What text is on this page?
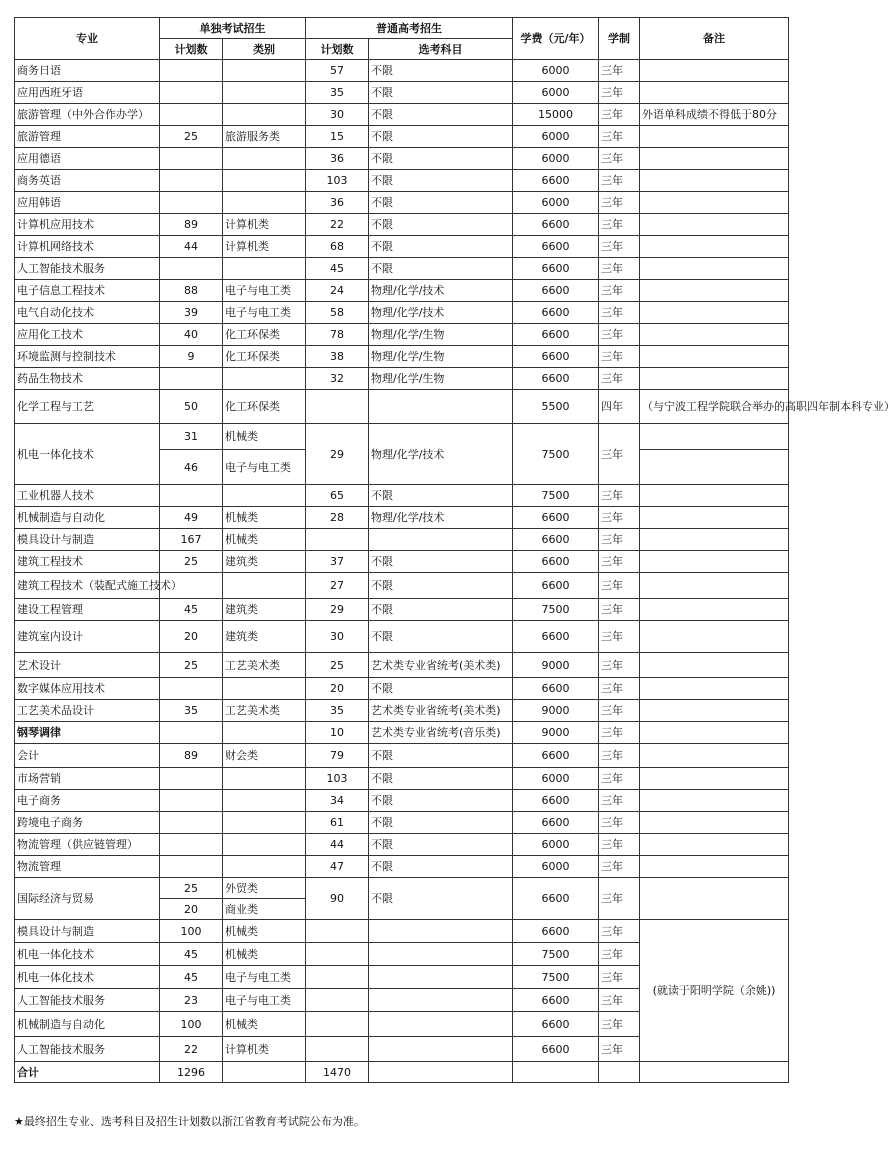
专业	单独考试招生		普通高考招生		学费（元/年）	学制	备注
	计划数	类别	计划数	选考科目			
商务日语			57	不限	6000	三年	
应用西班牙语			35	不限	6000	三年	
旅游管理（中外合作办学）			30	不限	15000	三年	外语单科成绩不得低于80分
旅游管理	25	旅游服务类	15	不限	6000	三年	
应用德语			36	不限	6000	三年	
商务英语			103	不限	6600	三年	
应用韩语			36	不限	6000	三年	
计算机应用技术	89	计算机类	22	不限	6600	三年	
计算机网络技术	44	计算机类	68	不限	6600	三年	
人工智能技术服务			45	不限	6600	三年	
电子信息工程技术	88	电子与电工类	24	物理/化学/技术	6600	三年	
电气自动化技术	39	电子与电工类	58	物理/化学/技术	6600	三年	
应用化工技术	40	化工环保类	78	物理/化学/生物	6600	三年	
环境监测与控制技术	9	化工环保类	38	物理/化学/生物	6600	三年	
药品生物技术			32	物理/化学/生物	6600	三年	
化学工程与工艺	50	化工环保类			5500	四年	（与宁波工程学院联合举办的高职四年制本科专业）
机电一体化技术	31	机械类	29	物理/化学/技术	7500	三年	
	46	电子与电工类					
工业机器人技术			65	不限	7500	三年	
机械制造与自动化	49	机械类	28	物理/化学/技术	6600	三年	
模具设计与制造	167	机械类			6600	三年	
建筑工程技术	25	建筑类	37	不限	6600	三年	
建筑工程技术（装配式施工技术）			27	不限	6600	三年	
建设工程管理	45	建筑类	29	不限	7500	三年	
建筑室内设计	20	建筑类	30	不限	6600	三年	
艺术设计	25	工艺美术类	25	艺术类专业省统考(美术类)	9000	三年	
数字媒体应用技术			20	不限	6600	三年	
工艺美术品设计	35	工艺美术类	35	艺术类专业省统考(美术类)	9000	三年	
钢琴调律			10	艺术类专业省统考(音乐类)	9000	三年	
会计	89	财会类	79	不限	6600	三年	
市场营销			103	不限	6000	三年	
电子商务			34	不限	6600	三年	
跨境电子商务			61	不限	6600	三年	
物流管理（供应链管理）			44	不限	6000	三年	
物流管理			47	不限	6000	三年	
国际经济与贸易	25	外贸类	90	不限	6600	三年	
	20	商业类					
模具设计与制造	100	机械类			6600	三年	(就读于阳明学院（余姚))
机电一体化技术	45	机械类			7500	三年	
机电一体化技术	45	电子与电工类			7500	三年	
人工智能技术服务	23	电子与电工类			6600	三年	
机械制造与自动化	100	机械类			6600	三年	
人工智能技术服务	22	计算机类			6600	三年	
合计	1296		1470				
★最终招生专业、选考科目及招生计划数以浙江省教育考试院公布为准。
